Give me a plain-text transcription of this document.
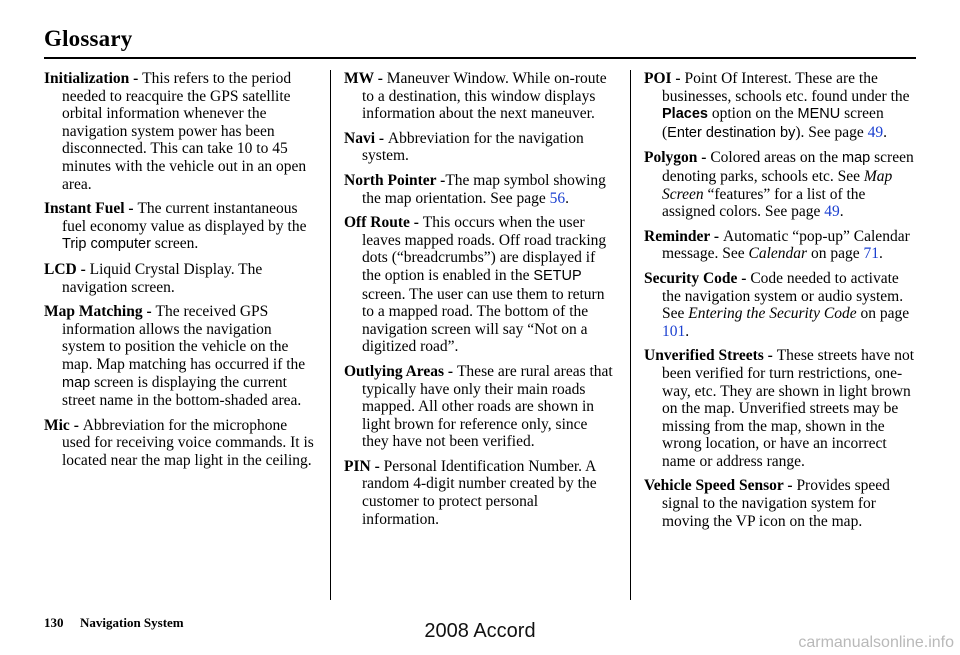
Glossary

Initialization - This refers to the period needed to reacquire the GPS satellite orbital information whenever the navigation system power has been disconnected. This can take 10 to 45 minutes with the vehicle out in an open area.

Instant Fuel - The current instantaneous fuel economy value as displayed by the Trip computer screen.

LCD - Liquid Crystal Display. The navigation screen.

Map Matching - The received GPS information allows the navigation system to position the vehicle on the map. Map matching has occurred if the map screen is displaying the current street name in the bottom-shaded area.

Mic - Abbreviation for the microphone used for receiving voice commands. It is located near the map light in the ceiling.

MW - Maneuver Window. While on-route to a destination, this window displays information about the next maneuver.

Navi - Abbreviation for the navigation system.

North Pointer -The map symbol showing the map orientation. See page 56.

Off Route - This occurs when the user leaves mapped roads. Off road tracking dots (“breadcrumbs”) are displayed if the option is enabled in the SETUP screen. The user can use them to return to a mapped road. The bottom of the navigation screen will say “Not on a digitized road”.

Outlying Areas - These are rural areas that typically have only their main roads mapped. All other roads are shown in light brown for reference only, since they have not been verified.

PIN - Personal Identification Number. A random 4-digit number created by the customer to protect personal information.

POI - Point Of Interest. These are the businesses, schools etc. found under the Places option on the MENU screen (Enter destination by). See page 49.

Polygon - Colored areas on the map screen denoting parks, schools etc. See Map Screen “features” for a list of the assigned colors. See page 49.

Reminder - Automatic “pop-up” Calendar message. See Calendar on page 71.

Security Code - Code needed to activate the navigation system or audio system. See Entering the Security Code on page 101.

Unverified Streets - These streets have not been verified for turn restrictions, one-way, etc. They are shown in light brown on the map. Unverified streets may be missing from the map, shown in the wrong location, or have an incorrect name or address range.

Vehicle Speed Sensor - Provides speed signal to the navigation system for moving the VP icon on the map.

130 Navigation System	2008 Accord
carmanualsonline.info
